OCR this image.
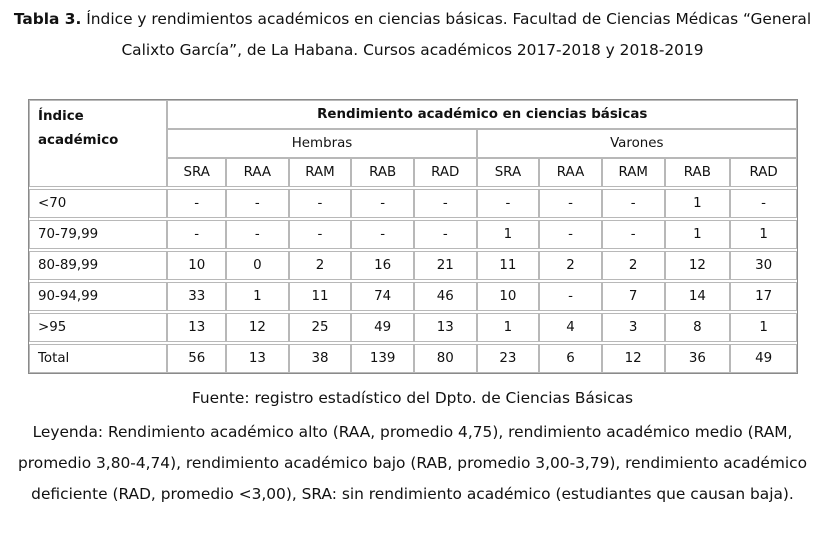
Tabla 3. Índice y rendimientos académicos en ciencias básicas. Facultad de Ciencias Médicas “General Calixto García”, de La Habana. Cursos académicos 2017-2018 y 2018-2019
Índice
académico	Rendimiento académico en ciencias básicas									
	Hembras					Varones				
	SRA	RAA	RAM	RAB	RAD	SRA	RAA	RAM	RAB	RAD

<70	-	-	-	-	-	-	-	-	1	-

70-79,99	-	-	-	-	-	1	-	-	1	1

80-89,99	10	0	2	16	21	11	2	2	12	30

90-94,99	33	1	11	74	46	10	-	7	14	17

>95	13	12	25	49	13	1	4	3	8	1

Total	56	13	38	139	80	23	6	12	36	49
Fuente: registro estadístico del Dpto. de Ciencias Básicas
Leyenda: Rendimiento académico alto (RAA, promedio 4,75), rendimiento académico medio (RAM, promedio 3,80-4,74), rendimiento académico bajo (RAB, promedio 3,00-3,79), rendimiento académico deficiente (RAD, promedio <3,00), SRA: sin rendimiento académico (estudiantes que causan baja).
